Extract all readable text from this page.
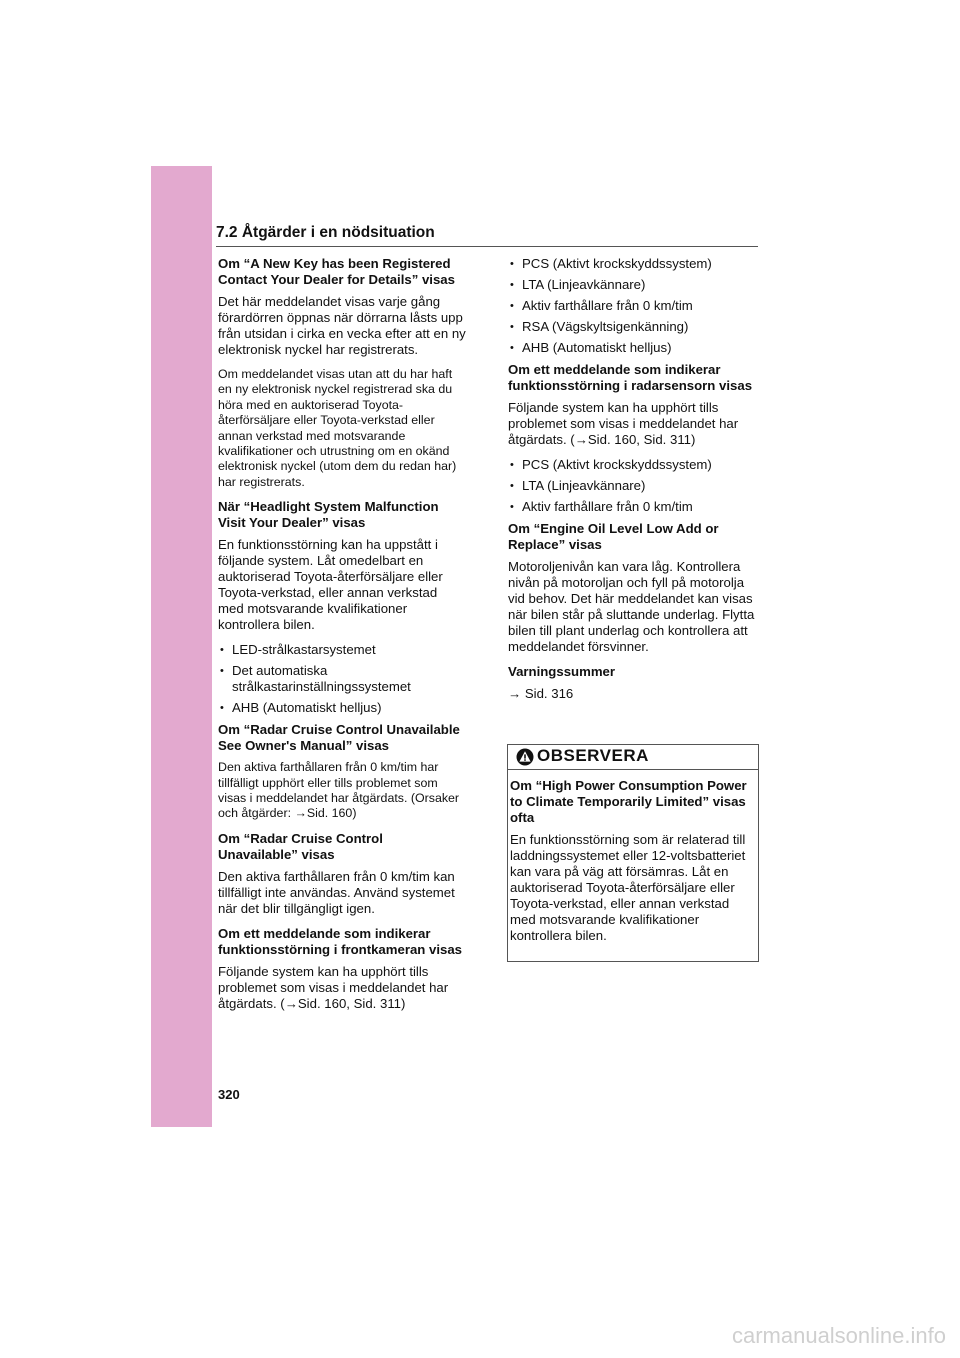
7.2 Åtgärder i en nödsituation
Om “A New Key has been Registered Contact Your Dealer for Details” visas
Det här meddelandet visas varje gång förardörren öppnas när dörrarna låsts upp från utsidan i cirka en vecka efter att en ny elektronisk nyckel har registrerats.
Om meddelandet visas utan att du har haft en ny elektronisk nyckel registrerad ska du höra med en auktoriserad Toyota-återförsäljare eller Toyota-verkstad eller annan verkstad med motsvarande kvalifikationer och utrustning om en okänd elektronisk nyckel (utom dem du redan har) har registrerats.
När “Headlight System Malfunction Visit Your Dealer” visas
En funktionsstörning kan ha uppstått i följande system. Låt omedelbart en auktoriserad Toyota-återförsäljare eller Toyota-verkstad, eller annan verkstad med motsvarande kvalifikationer kontrollera bilen.
• LED-strålkastarsystemet
• Det automatiska strålkastarinställningssystemet
• AHB (Automatiskt helljus)
Om “Radar Cruise Control Unavailable See Owner's Manual” visas
Den aktiva farthållaren från 0 km/tim har tillfälligt upphört eller tills problemet som visas i meddelandet har åtgärdats. (Orsaker och åtgärder: →Sid. 160)
Om “Radar Cruise Control Unavailable” visas
Den aktiva farthållaren från 0 km/tim kan tillfälligt inte användas. Använd systemet när det blir tillgängligt igen.
Om ett meddelande som indikerar funktionsstörning i frontkameran visas
Följande system kan ha upphört tills problemet som visas i meddelandet har åtgärdats. (→Sid. 160, Sid. 311)
• PCS (Aktivt krockskyddssystem)
• LTA (Linjeavkännare)
• Aktiv farthållare från 0 km/tim
• RSA (Vägskyltsigenkänning)
• AHB (Automatiskt helljus)
Om ett meddelande som indikerar funktionsstörning i radarsensorn visas
Följande system kan ha upphört tills problemet som visas i meddelandet har åtgärdats. (→Sid. 160, Sid. 311)
• PCS (Aktivt krockskyddssystem)
• LTA (Linjeavkännare)
• Aktiv farthållare från 0 km/tim
Om “Engine Oil Level Low Add or Replace” visas
Motoroljenivån kan vara låg. Kontrollera nivån på motoroljan och fyll på motorolja vid behov. Det här meddelandet kan visas när bilen står på sluttande underlag. Flytta bilen till plant underlag och kontrollera att meddelandet försvinner.
Varningssummer
→ Sid. 316
OBSERVERA
Om “High Power Consumption Power to Climate Temporarily Limited” visas ofta
En funktionsstörning som är relaterad till laddningssystemet eller 12-voltsbatteriet kan vara på väg att försämras. Låt en auktoriserad Toyota-återförsäljare eller Toyota-verkstad, eller annan verkstad med motsvarande kvalifikationer kontrollera bilen.
320
carmanualsonline.info
